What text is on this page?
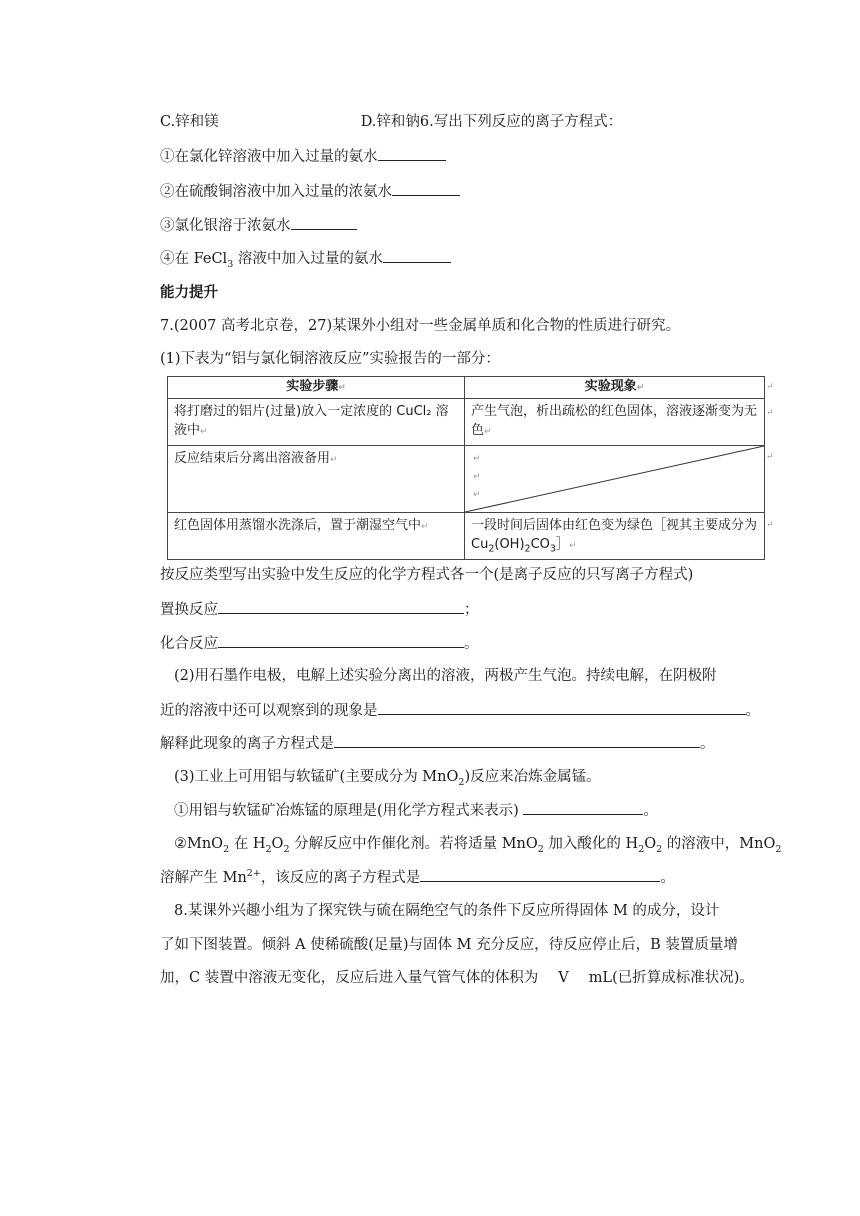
C.锌和镁	D.锌和钠6.写出下列反应的离子方程式：
①在氯化锌溶液中加入过量的氨水
②在硫酸铜溶液中加入过量的浓氨水
③氯化银溶于浓氨水
④在 FeCl$_3$ 溶液中加入过量的氨水
能力提升
7.(2007 高考北京卷，27)某课外小组对一些金属单质和化合物的性质进行研究。
(1)下表为“铝与氯化铜溶液反应”实验报告的一部分：
实验步骤↵	实验现象↵
将打磨过的铝片(过量)放入一定浓度的 CuCl₂ 溶液中↵	产生气泡，析出疏松的红色固体，溶液逐渐变为无色↵
反应结束后分离出溶液备用↵	↵
↵
↵

红色固体用蒸馏水洗涤后，置于潮湿空气中↵	一段时间后固体由红色变为绿色［视其主要成分为 $Cu_2(OH)_2CO_3]↵$
↵
↵
↵
↵
按反应类型写出实验中发生反应的化学方程式各一个(是离子反应的只写离子方程式)
置换反应	；
化合反应	。
(2)用石墨作电极，电解上述实验分离出的溶液，两极产生气泡。持续电解，在阴极附
近的溶液中还可以观察到的现象是	。
解释此现象的离子方程式是	。
(3)工业上可用铝与软锰矿(主要成分为 MnO$_2$)反应来冶炼金属锰。
①用铝与软锰矿冶炼锰的原理是(用化学方程式来表示)	。
②MnO$_2$ 在 $H_2O_2$ 分解反应中作催化剂。若将适量 MnO$_2$ 加入酸化的 $H_2O_2$ 的溶液中，MnO$_2$
溶解产生 $Mn^{2+}$，该反应的离子方程式是	。
8.某课外兴趣小组为了探究铁与硫在隔绝空气的条件下反应所得固体 M 的成分，设计
了如下图装置。倾斜 A 使稀硫酸(足量)与固体 M 充分反应，待反应停止后，B 装置质量增
加，C 装置中溶液无变化，反应后进入量气管气体的体积为 V mL(已折算成标准状况)。
